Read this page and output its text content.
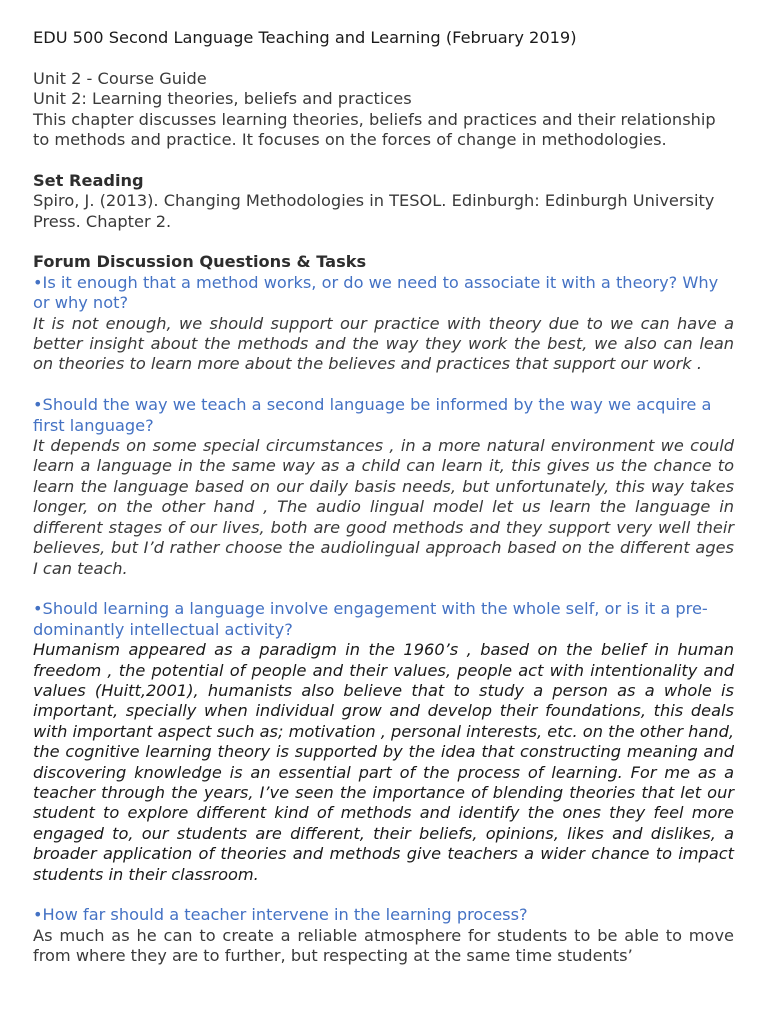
EDU 500 Second Language Teaching and Learning (February 2019)

Unit 2 - Course Guide

Unit 2: Learning theories, beliefs and practices

This chapter discusses learning theories, beliefs and practices and their relationship to methods and practice. It focuses on the forces of change in methodologies.

Set Reading

Spiro, J. (2013). Changing Methodologies in TESOL. Edinburgh: Edinburgh University Press. Chapter 2.

Forum Discussion Questions & Tasks

•Is it enough that a method works, or do we need to associate it with a theory? Why or why not?

It is not enough, we should support our practice with theory due to we can have a better insight about the methods and the way they work the best, we also can lean on theories to learn more about the believes and practices that support our work .

•Should the way we teach a second language be informed by the way we acquire a first language?

It depends on some special circumstances , in a more natural environment we could learn a language in the same way as a child can learn it, this gives us the chance to learn the language based on our daily basis needs, but unfortunately, this way takes longer, on the other hand , The audio lingual model let us learn the language in different stages of our lives, both are good methods and they support very well their believes, but I’d rather choose the audiolingual approach based on the different ages I can teach.

•Should learning a language involve engagement with the whole self, or is it a pre- dominantly intellectual activity?

Humanism appeared as a paradigm in the 1960’s , based on the belief in human freedom , the potential of people and their values, people act with intentionality and values (Huitt,2001), humanists also believe that to study a person as a whole is important, specially when individual grow and develop their foundations, this deals with important aspect such as; motivation , personal interests, etc. on the other hand, the cognitive learning theory is supported by the idea that constructing meaning and discovering knowledge is an essential part of the process of learning. For me as a teacher through the years, I’ve seen the importance of blending theories that let our student to explore different kind of methods and identify the ones they feel more engaged to, our students are different, their beliefs, opinions, likes and dislikes, a broader application of theories and methods give teachers a wider chance to impact students in their classroom.

•How far should a teacher intervene in the learning process?

As much as he can to create a reliable atmosphere for students to be able to move from where they are to further, but respecting at the same time students’
